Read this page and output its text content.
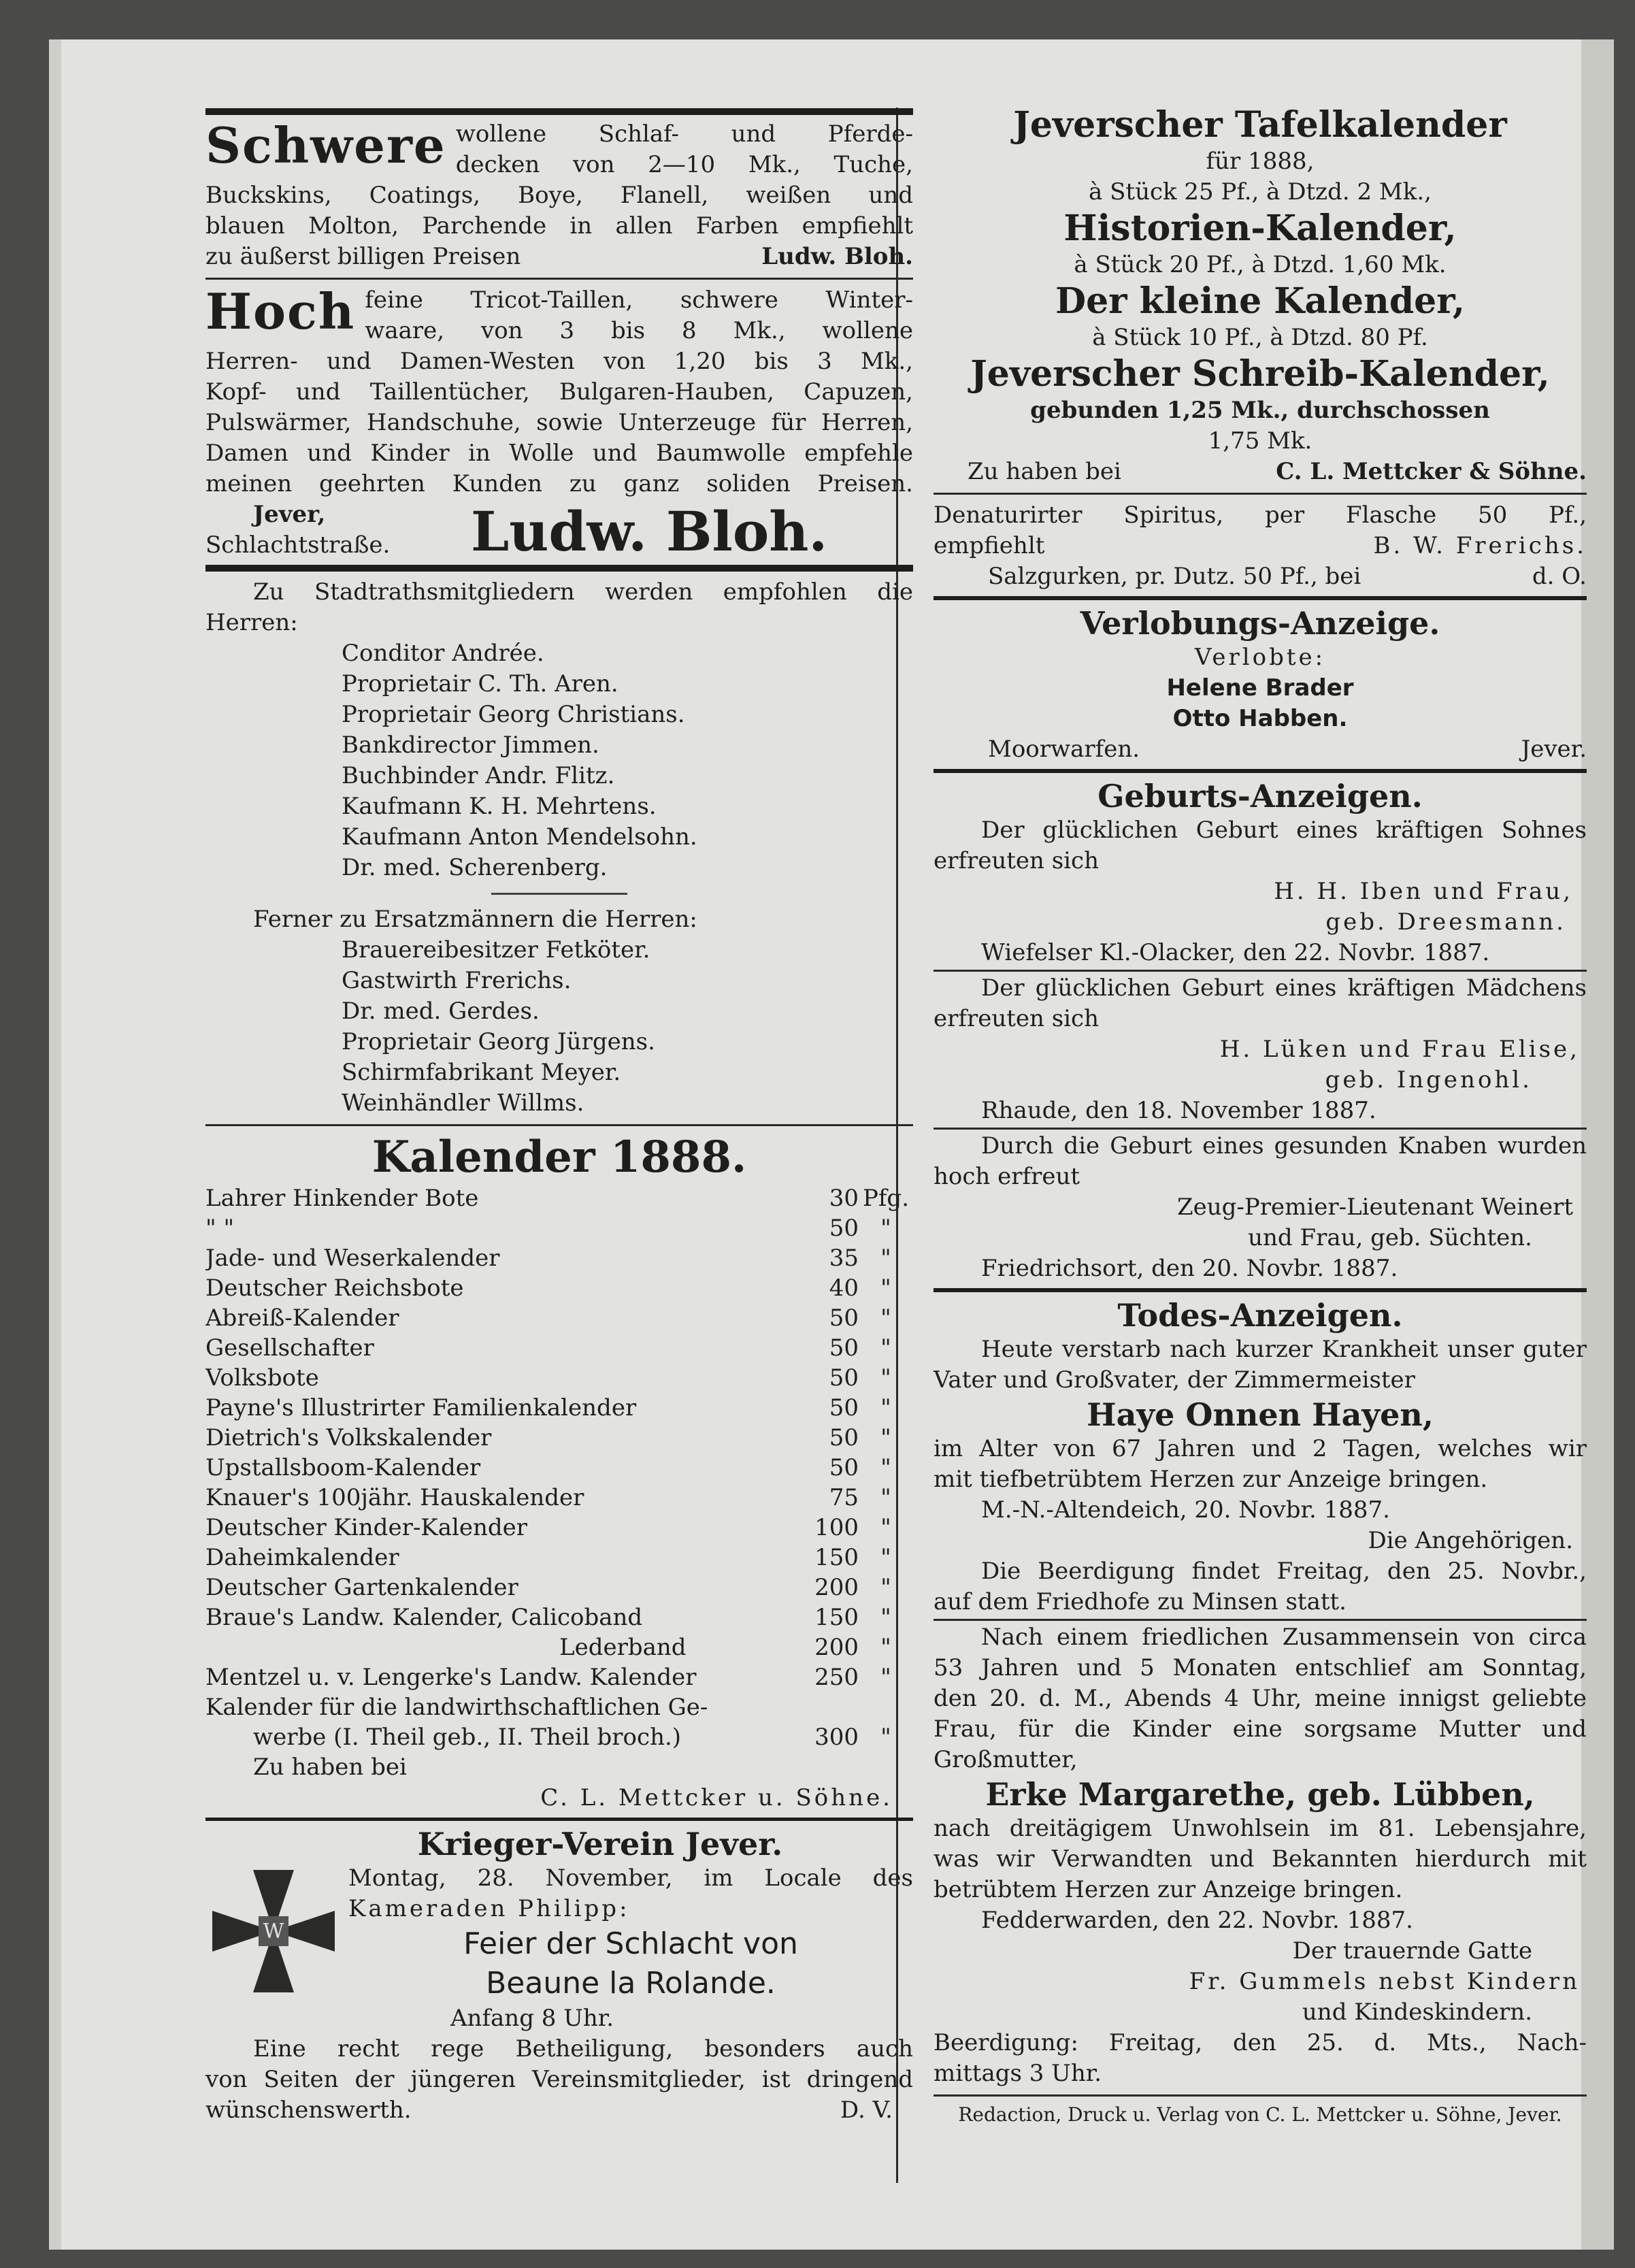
Schwere wollene Schlaf- und Pferde-
decken von 2—10 Mk., Tuche,
Buckskins, Coatings, Boye, Flanell, weißen und
blauen Molton, Parchende in allen Farben empfiehlt
zu äußerst billigen Preisen	Ludw. Bloh.
Hoch feine Tricot-Taillen, schwere Winter-
waare, von 3 bis 8 Mk., wollene
Herren- und Damen-Westen von 1,20 bis 3 Mk.,
Kopf- und Taillentücher, Bulgaren-Hauben, Capuzen,
Pulswärmer, Handschuhe, sowie Unterzeuge für Herren,
Damen und Kinder in Wolle und Baumwolle empfehle
meinen geehrten Kunden zu ganz soliden Preisen.
Jever,
Schlachtstraße.	Ludw. Bloh.
Zu Stadtrathsmitgliedern werden empfohlen die
Herren:
Conditor Andrée.
Proprietair C. Th. Aren.
Proprietair Georg Christians.
Bankdirector Jimmen.
Buchbinder Andr. Flitz.
Kaufmann K. H. Mehrtens.
Kaufmann Anton Mendelsohn.
Dr. med. Scherenberg.
Ferner zu Ersatzmännern die Herren:
Brauereibesitzer Fetköter.
Gastwirth Frerichs.
Dr. med. Gerdes.
Proprietair Georg Jürgens.
Schirmfabrikant Meyer.
Weinhändler Willms.
Kalender 1888.
Lahrer Hinkender Bote	30 Pfg.
" "	50 "
Jade- und Weserkalender	35 "
Deutscher Reichsbote	40 "
Abreiß-Kalender	50 "
Gesellschafter	50 "
Volksbote	50 "
Payne's Illustrirter Familienkalender	50 "
Dietrich's Volkskalender	50 "
Upstallsboom-Kalender	50 "
Knauer's 100jähr. Hauskalender	75 "
Deutscher Kinder-Kalender	100 "
Daheimkalender	150 "
Deutscher Gartenkalender	200 "
Braue's Landw. Kalender, Calicoband	150 "
Lederband	200 "
Mentzel u. v. Lengerke's Landw. Kalender	250 "
Kalender für die landwirthschaftlichen Ge-
werbe (I. Theil geb., II. Theil broch.)	300 "
Zu haben bei
C. L. Mettcker u. Söhne.
Krieger-Verein Jever.
W
Montag, 28. November, im Locale des
Kameraden Philipp:
Feier der Schlacht von
Beaune la Rolande.
Anfang 8 Uhr.
Eine recht rege Betheiligung, besonders auch
von Seiten der jüngeren Vereinsmitglieder, ist dringend
wünschenswerth.	D. V.
Jeverscher Tafelkalender
für 1888,
à Stück 25 Pf., à Dtzd. 2 Mk.,
Historien-Kalender,
à Stück 20 Pf., à Dtzd. 1,60 Mk.
Der kleine Kalender,
à Stück 10 Pf., à Dtzd. 80 Pf.
Jeverscher Schreib-Kalender,
gebunden 1,25 Mk., durchschossen
1,75 Mk.
Zu haben bei	C. L. Mettcker & Söhne.
Denaturirter Spiritus, per Flasche 50 Pf.,
empfiehlt	B. W. Frerichs.
Salzgurken, pr. Dutz. 50 Pf., bei	d. O.
Verlobungs-Anzeige.
Verlobte:
Helene Brader
Otto Habben.
Moorwarfen.	Jever.
Geburts-Anzeigen.
Der glücklichen Geburt eines kräftigen Sohnes
erfreuten sich
H. H. Iben und Frau,
geb. Dreesmann.
Wiefelser Kl.-Olacker, den 22. Novbr. 1887.
Der glücklichen Geburt eines kräftigen Mädchens
erfreuten sich
H. Lüken und Frau Elise,
geb. Ingenohl.
Rhaude, den 18. November 1887.
Durch die Geburt eines gesunden Knaben wurden
hoch erfreut
Zeug-Premier-Lieutenant Weinert
und Frau, geb. Süchten.
Friedrichsort, den 20. Novbr. 1887.
Todes-Anzeigen.
Heute verstarb nach kurzer Krankheit unser guter
Vater und Großvater, der Zimmermeister
Haye Onnen Hayen,
im Alter von 67 Jahren und 2 Tagen, welches wir
mit tiefbetrübtem Herzen zur Anzeige bringen.
M.-N.-Altendeich, 20. Novbr. 1887.
Die Angehörigen.
Die Beerdigung findet Freitag, den 25. Novbr.,
auf dem Friedhofe zu Minsen statt.
Nach einem friedlichen Zusammensein von circa
53 Jahren und 5 Monaten entschlief am Sonntag,
den 20. d. M., Abends 4 Uhr, meine innigst geliebte
Frau, für die Kinder eine sorgsame Mutter und
Großmutter,
Erke Margarethe, geb. Lübben,
nach dreitägigem Unwohlsein im 81. Lebensjahre,
was wir Verwandten und Bekannten hierdurch mit
betrübtem Herzen zur Anzeige bringen.
Fedderwarden, den 22. Novbr. 1887.
Der trauernde Gatte
Fr. Gummels nebst Kindern
und Kindeskindern.
Beerdigung: Freitag, den 25. d. Mts., Nach-
mittags 3 Uhr.
Redaction, Druck u. Verlag von C. L. Mettcker u. Söhne, Jever.
